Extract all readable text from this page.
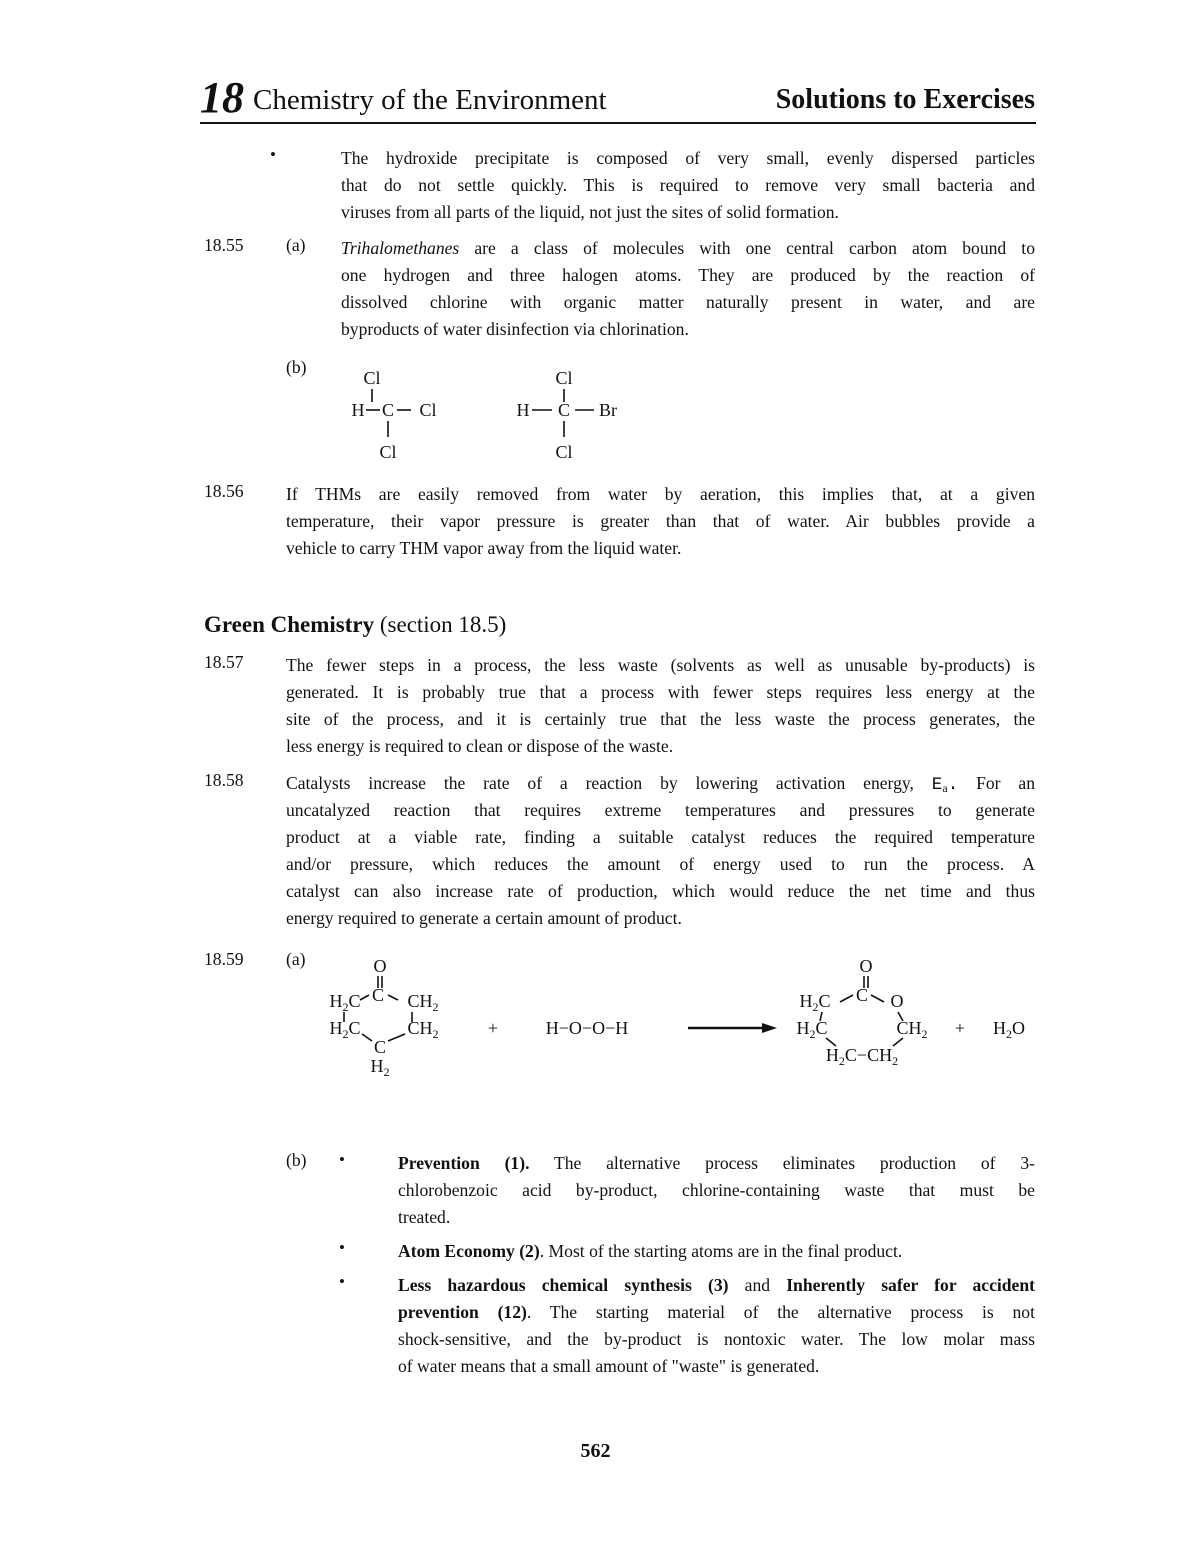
18 Chemistry of the Environment	Solutions to Exercises
•	The hydroxide precipitate is composed of very small, evenly dispersed particles
that do not settle quickly. This is required to remove very small bacteria and
viruses from all parts of the liquid, not just the sites of solid formation.
18.55 (a) Trihalomethanes are a class of molecules with one central carbon atom bound to
one hydrogen and three halogen atoms. They are produced by the reaction of
dissolved chlorine with organic matter naturally present in water, and are
byproducts of water disinfection via chlorination.
(b)
Cl
H C Cl
Cl
Cl
H C Br
Cl
O
C
$H_2C$	$CH_2$
$H_2C$	$CH_2$
C
$H_2$
+	H−O−O−H
O
C
$H_2C$	O
$H_2C$	$CH_2$
$H_2C-CH_2$
+ $H_2O$
18.56 If THMs are easily removed from water by aeration, this implies that, at a given
temperature, their vapor pressure is greater than that of water. Air bubbles provide a
vehicle to carry THM vapor away from the liquid water.
Green Chemistry (section 18.5)
18.57 The fewer steps in a process, the less waste (solvents as well as unusable by-products) is
generated. It is probably true that a process with fewer steps requires less energy at the
site of the process, and it is certainly true that the less waste the process generates, the
less energy is required to clean or dispose of the waste.
18.58 Catalysts increase the rate of a reaction by lowering activation energy, $E_a$. For an
uncatalyzed reaction that requires extreme temperatures and pressures to generate
product at a viable rate, finding a suitable catalyst reduces the required temperature
and/or pressure, which reduces the amount of energy used to run the process. A
catalyst can also increase rate of production, which would reduce the net time and thus
energy required to generate a certain amount of product.
18.59 (a)
(b) •	Prevention (1). The alternative process eliminates production of 3-
chlorobenzoic acid by-product, chlorine-containing waste that must be
treated.
•	Atom Economy (2). Most of the starting atoms are in the final product.
•	Less hazardous chemical synthesis (3) and Inherently safer for accident
prevention (12). The starting material of the alternative process is not
shock-sensitive, and the by-product is nontoxic water. The low molar mass
of water means that a small amount of "waste" is generated.
562
